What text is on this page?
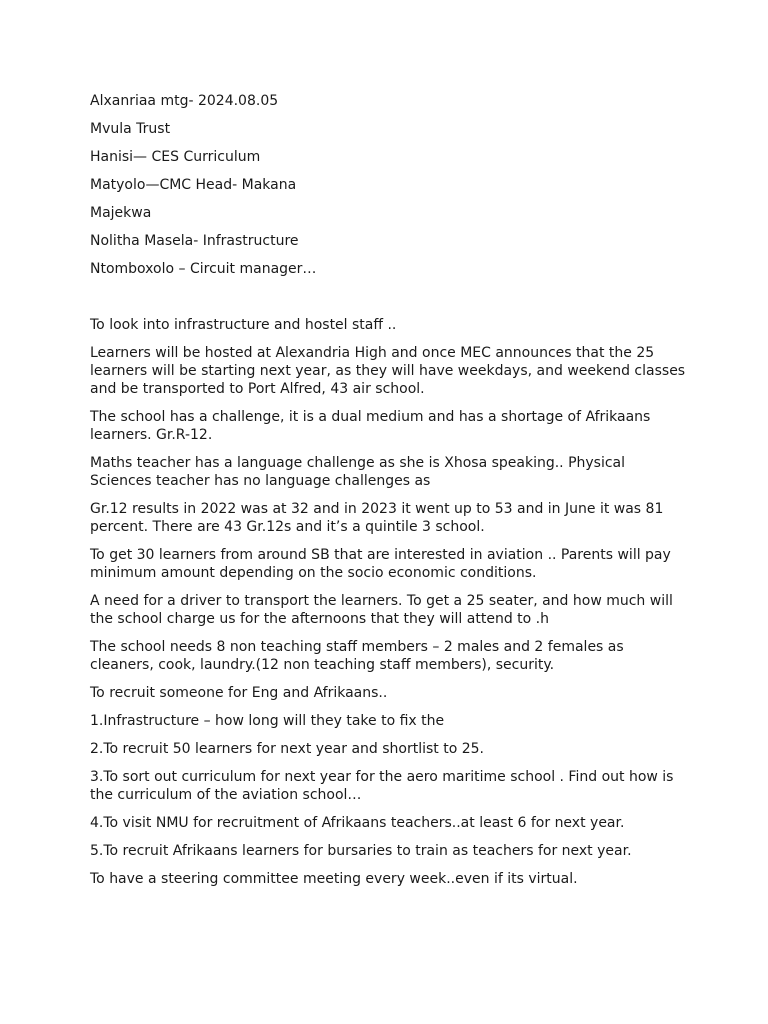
Alxanriaa mtg- 2024.08.05

Mvula Trust

Hanisi— CES Curriculum

Matyolo—CMC Head- Makana

Majekwa

Nolitha Masela- Infrastructure

Ntomboxolo – Circuit manager…

To look into infrastructure and hostel staff ..

Learners will be hosted at Alexandria High and once MEC announces that the 25 learners will be starting next year, as they will have weekdays, and weekend classes and be transported to Port Alfred, 43 air school.

The school has a challenge, it is a dual medium and has a shortage of Afrikaans learners. Gr.R-12.

Maths teacher has a language challenge as she is Xhosa speaking.. Physical Sciences teacher has no language challenges as

Gr.12 results in 2022 was at 32 and in 2023 it went up to 53 and in June it was 81 percent. There are 43 Gr.12s and it’s a quintile 3 school.

To get 30 learners from around SB that are interested in aviation .. Parents will pay minimum amount depending on the socio economic conditions.

A need for a driver to transport the learners. To get a 25 seater, and how much will the school charge us for the afternoons that they will attend to .h

The school needs 8 non teaching staff members – 2 males and 2 females as cleaners, cook, laundry.(12 non teaching staff members), security.

To recruit someone for Eng and Afrikaans..

1.Infrastructure – how long will they take to fix the

2.To recruit 50 learners for next year and shortlist to 25.

3.To sort out curriculum for next year for the aero maritime school . Find out how is the curriculum of the aviation school…

4.To visit NMU for recruitment of Afrikaans teachers..at least 6 for next year.

5.To recruit Afrikaans learners for bursaries to train as teachers for next year.

To have a steering committee meeting every week..even if its virtual.
